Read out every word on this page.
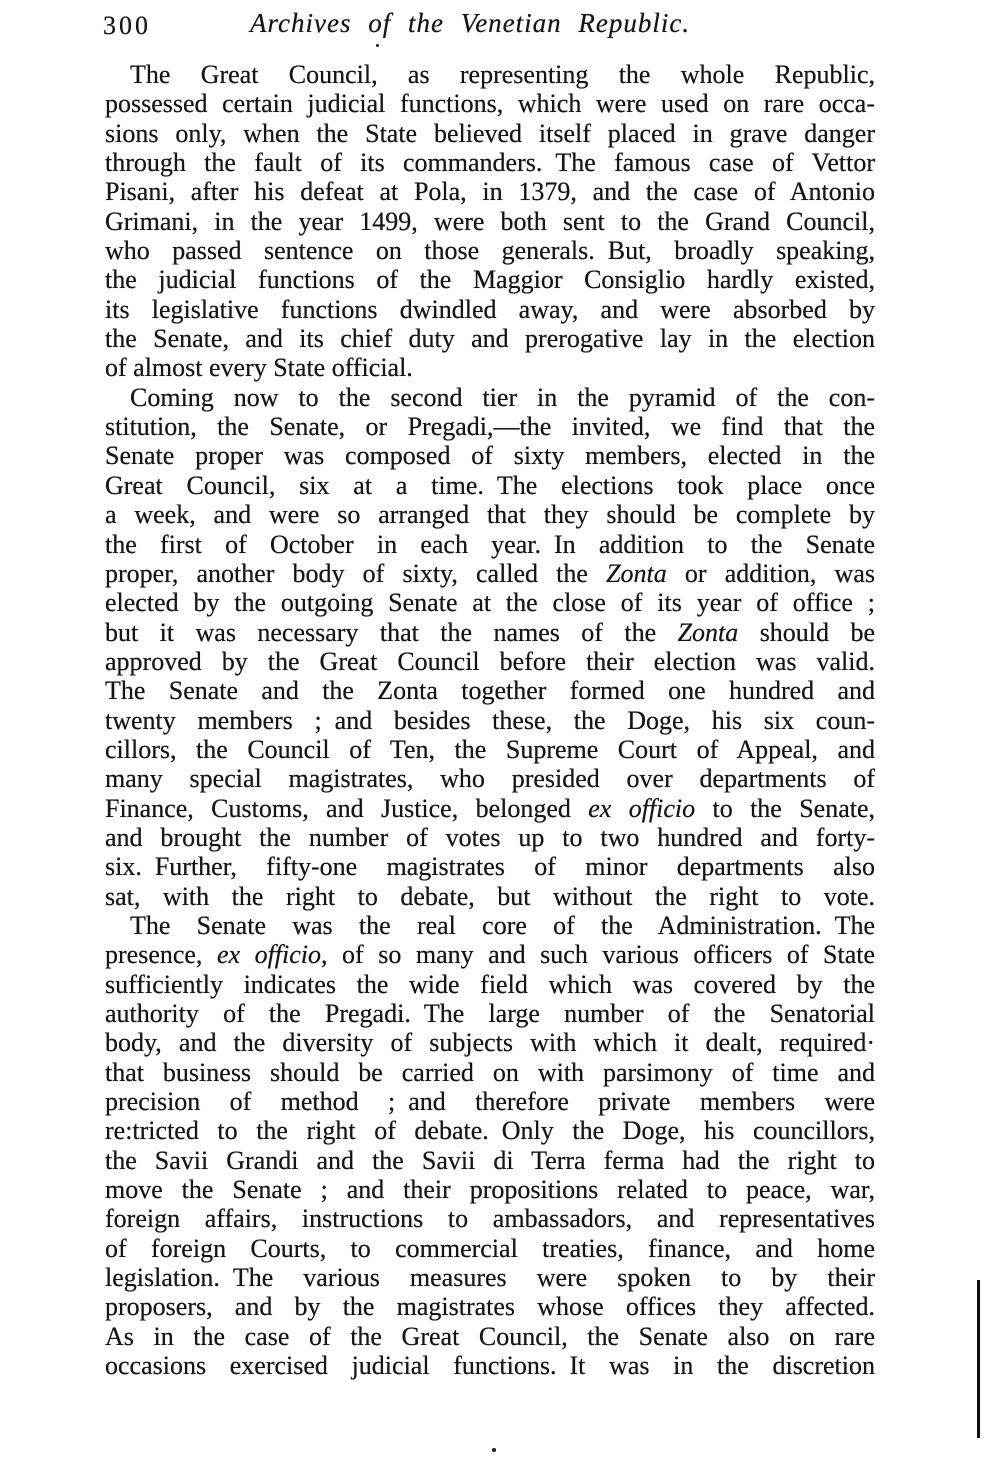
300	Archives of the Venetian Republic.
The Great Council, as representing the whole Republic,
possessed certain judicial functions, which were used on rare occa-
sions only, when the State believed itself placed in grave danger
through the fault of its commanders. The famous case of Vettor
Pisani, after his defeat at Pola, in 1379, and the case of Antonio
Grimani, in the year 1499, were both sent to the Grand Council,
who passed sentence on those generals. But, broadly speaking,
the judicial functions of the Maggior Consiglio hardly existed,
its legislative functions dwindled away, and were absorbed by
the Senate, and its chief duty and prerogative lay in the election
of almost every State official.
Coming now to the second tier in the pyramid of the con-
stitution, the Senate, or Pregadi,—the invited, we find that the
Senate proper was composed of sixty members, elected in the
Great Council, six at a time. The elections took place once
a week, and were so arranged that they should be complete by
the first of October in each year. In addition to the Senate
proper, another body of sixty, called the Zonta or addition, was
elected by the outgoing Senate at the close of its year of office ;
but it was necessary that the names of the Zonta should be
approved by the Great Council before their election was valid.
The Senate and the Zonta together formed one hundred and
twenty members ; and besides these, the Doge, his six coun-
cillors, the Council of Ten, the Supreme Court of Appeal, and
many special magistrates, who presided over departments of
Finance, Customs, and Justice, belonged ex officio to the Senate,
and brought the number of votes up to two hundred and forty-
six. Further, fifty-one magistrates of minor departments also
sat, with the right to debate, but without the right to vote.
The Senate was the real core of the Administration. The
presence, ex officio, of so many and such various officers of State
sufficiently indicates the wide field which was covered by the
authority of the Pregadi. The large number of the Senatorial
body, and the diversity of subjects with which it dealt, required·
that business should be carried on with parsimony of time and
precision of method ; and therefore private members were
re:tricted to the right of debate. Only the Doge, his councillors,
the Savii Grandi and the Savii di Terra ferma had the right to
move the Senate ; and their propositions related to peace, war,
foreign affairs, instructions to ambassadors, and representatives
of foreign Courts, to commercial treaties, finance, and home
legislation. The various measures were spoken to by their
proposers, and by the magistrates whose offices they affected.
As in the case of the Great Council, the Senate also on rare
occasions exercised judicial functions. It was in the discretion
